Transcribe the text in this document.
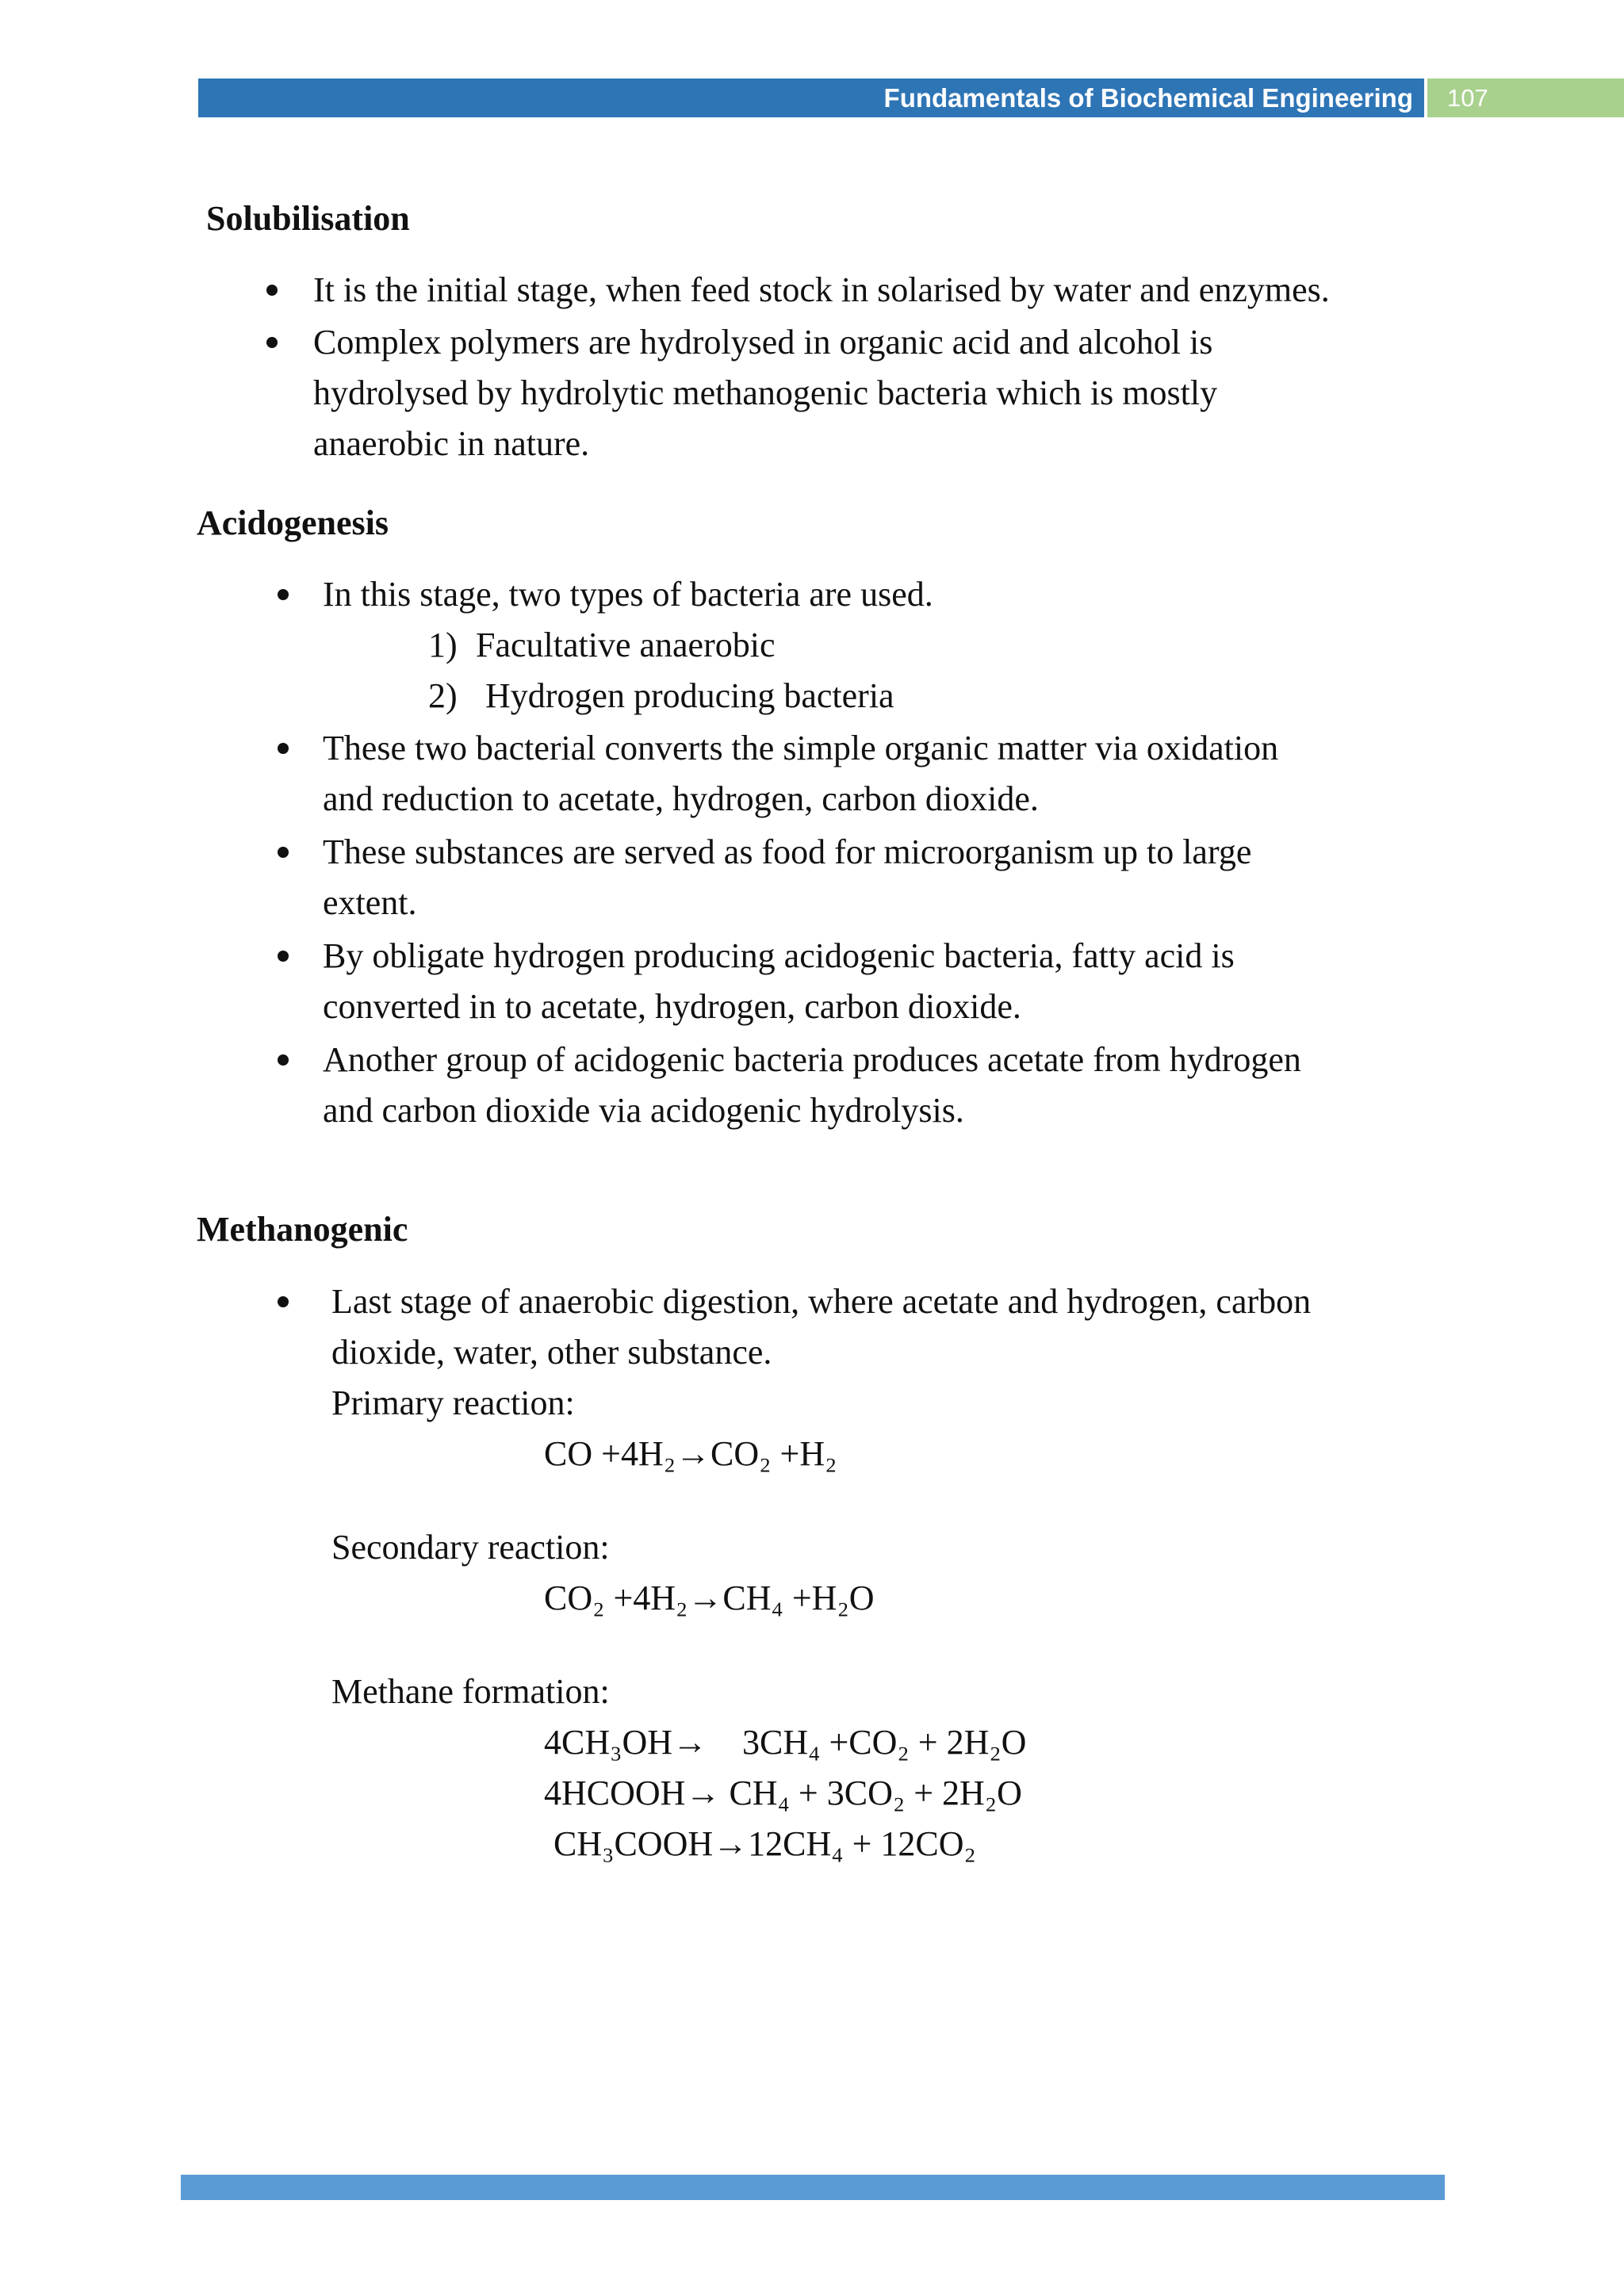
Fundamentals of Biochemical Engineering	107
Solubilisation
It is the initial stage, when feed stock in solarised by water and enzymes.
Complex polymers are hydrolysed in organic acid and alcohol is
hydrolysed by hydrolytic methanogenic bacteria which is mostly
anaerobic in nature.
Acidogenesis
In this stage, two types of bacteria are used.
1) Facultative anaerobic
2) Hydrogen producing bacteria
These two bacterial converts the simple organic matter via oxidation
and reduction to acetate, hydrogen, carbon dioxide.
These substances are served as food for microorganism up to large
extent.
By obligate hydrogen producing acidogenic bacteria, fatty acid is
converted in to acetate, hydrogen, carbon dioxide.
Another group of acidogenic bacteria produces acetate from hydrogen
and carbon dioxide via acidogenic hydrolysis.
Methanogenic
Last stage of anaerobic digestion, where acetate and hydrogen, carbon
dioxide, water, other substance.
Primary reaction:
CO +4H₂→CO₂ +H₂
Secondary reaction:
CO₂ +4H₂→CH₄ +H₂O
Methane formation:
4CH₃OH→    3CH₄ +CO₂ + 2H₂O
4HCOOH→ CH₄ + 3CO₂ + 2H₂O
CH₃COOH→12CH₄ + 12CO₂
